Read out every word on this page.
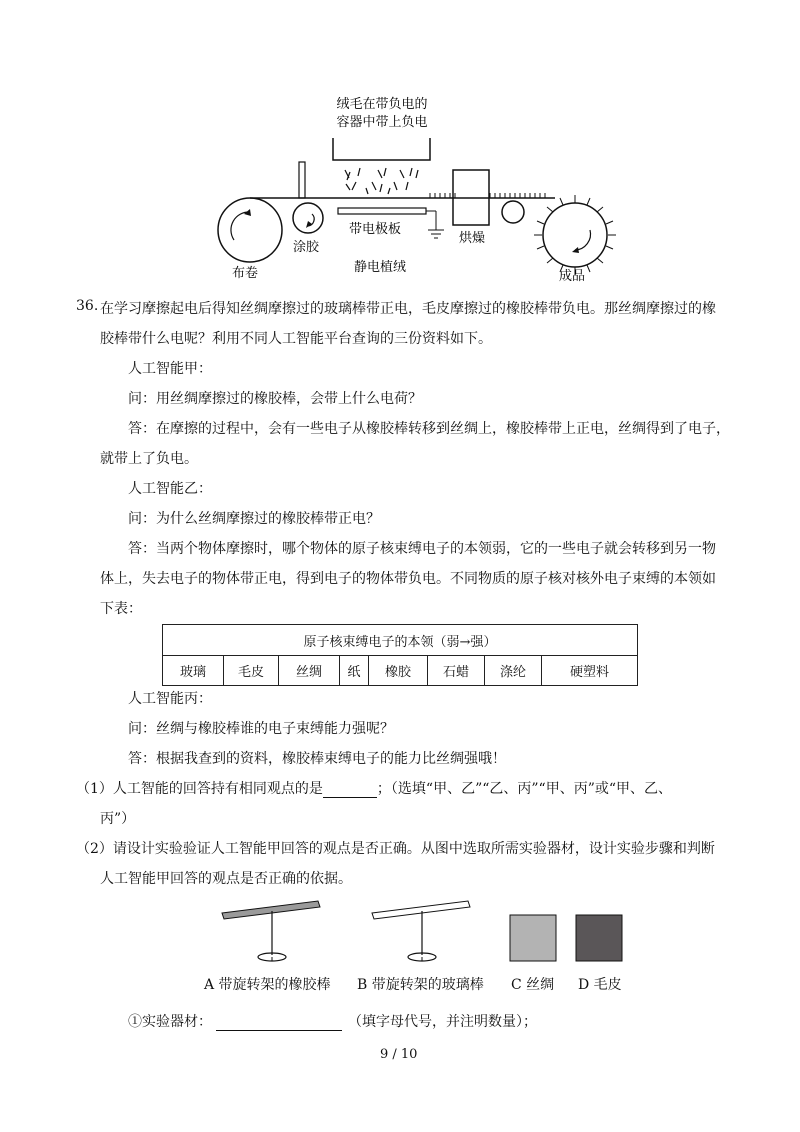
绒毛在带负电的
容器中带上负电
布卷
涂胶
带电极板
烘燥
静电植绒
成品
36. 在学习摩擦起电后得知丝绸摩擦过的玻璃棒带正电，毛皮摩擦过的橡胶棒带负电。那丝绸摩擦过的橡
胶棒带什么电呢？利用不同人工智能平台查询的三份资料如下。
人工智能甲：
问：用丝绸摩擦过的橡胶棒，会带上什么电荷？
答：在摩擦的过程中，会有一些电子从橡胶棒转移到丝绸上，橡胶棒带上正电，丝绸得到了电子，
就带上了负电。
人工智能乙：
问：为什么丝绸摩擦过的橡胶棒带正电？
答：当两个物体摩擦时，哪个物体的原子核束缚电子的本领弱，它的一些电子就会转移到另一物
体上，失去电子的物体带正电，得到电子的物体带负电。不同物质的原子核对核外电子束缚的本领如
下表：
原子核束缚电子的本领（弱→强）
玻璃	毛皮	丝绸	纸	橡胶	石蜡	涤纶	硬塑料
人工智能丙：
问：丝绸与橡胶棒谁的电子束缚能力强呢？
答：根据我查到的资料，橡胶棒束缚电子的能力比丝绸强哦！
（1）人工智能的回答持有相同观点的是	；（选填“甲、乙”“乙、丙”“甲、丙”或“甲、乙、
丙”）
（2）请设计实验验证人工智能甲回答的观点是否正确。从图中选取所需实验器材，设计实验步骤和判断
人工智能甲回答的观点是否正确的依据。
A 带旋转架的橡胶棒 B 带旋转架的玻璃棒 C 丝绸 D 毛皮
①实验器材：	（填字母代号，并注明数量）；
9 / 10
